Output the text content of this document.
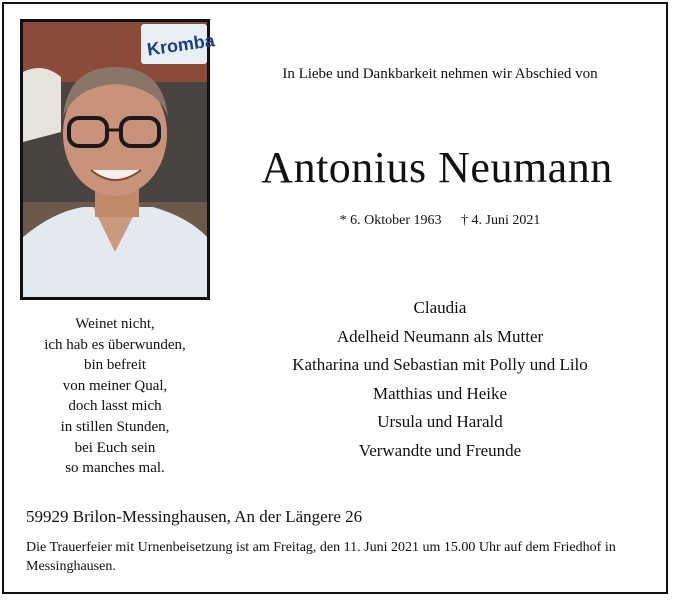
Kromba
In Liebe und Dankbarkeit nehmen wir Abschied von
Antonius Neumann
* 6. Oktober 1963 † 4. Juni 2021
Weinet nicht,
ich hab es überwunden,
bin befreit
von meiner Qual,
doch lasst mich
in stillen Stunden,
bei Euch sein
so manches mal.
Claudia
Adelheid Neumann als Mutter
Katharina und Sebastian mit Polly und Lilo
Matthias und Heike
Ursula und Harald
Verwandte und Freunde
59929 Brilon-Messinghausen, An der Längere 26
Die Trauerfeier mit Urnenbeisetzung ist am Freitag, den 11. Juni 2021 um 15.00 Uhr auf dem Friedhof in Messinghausen.
